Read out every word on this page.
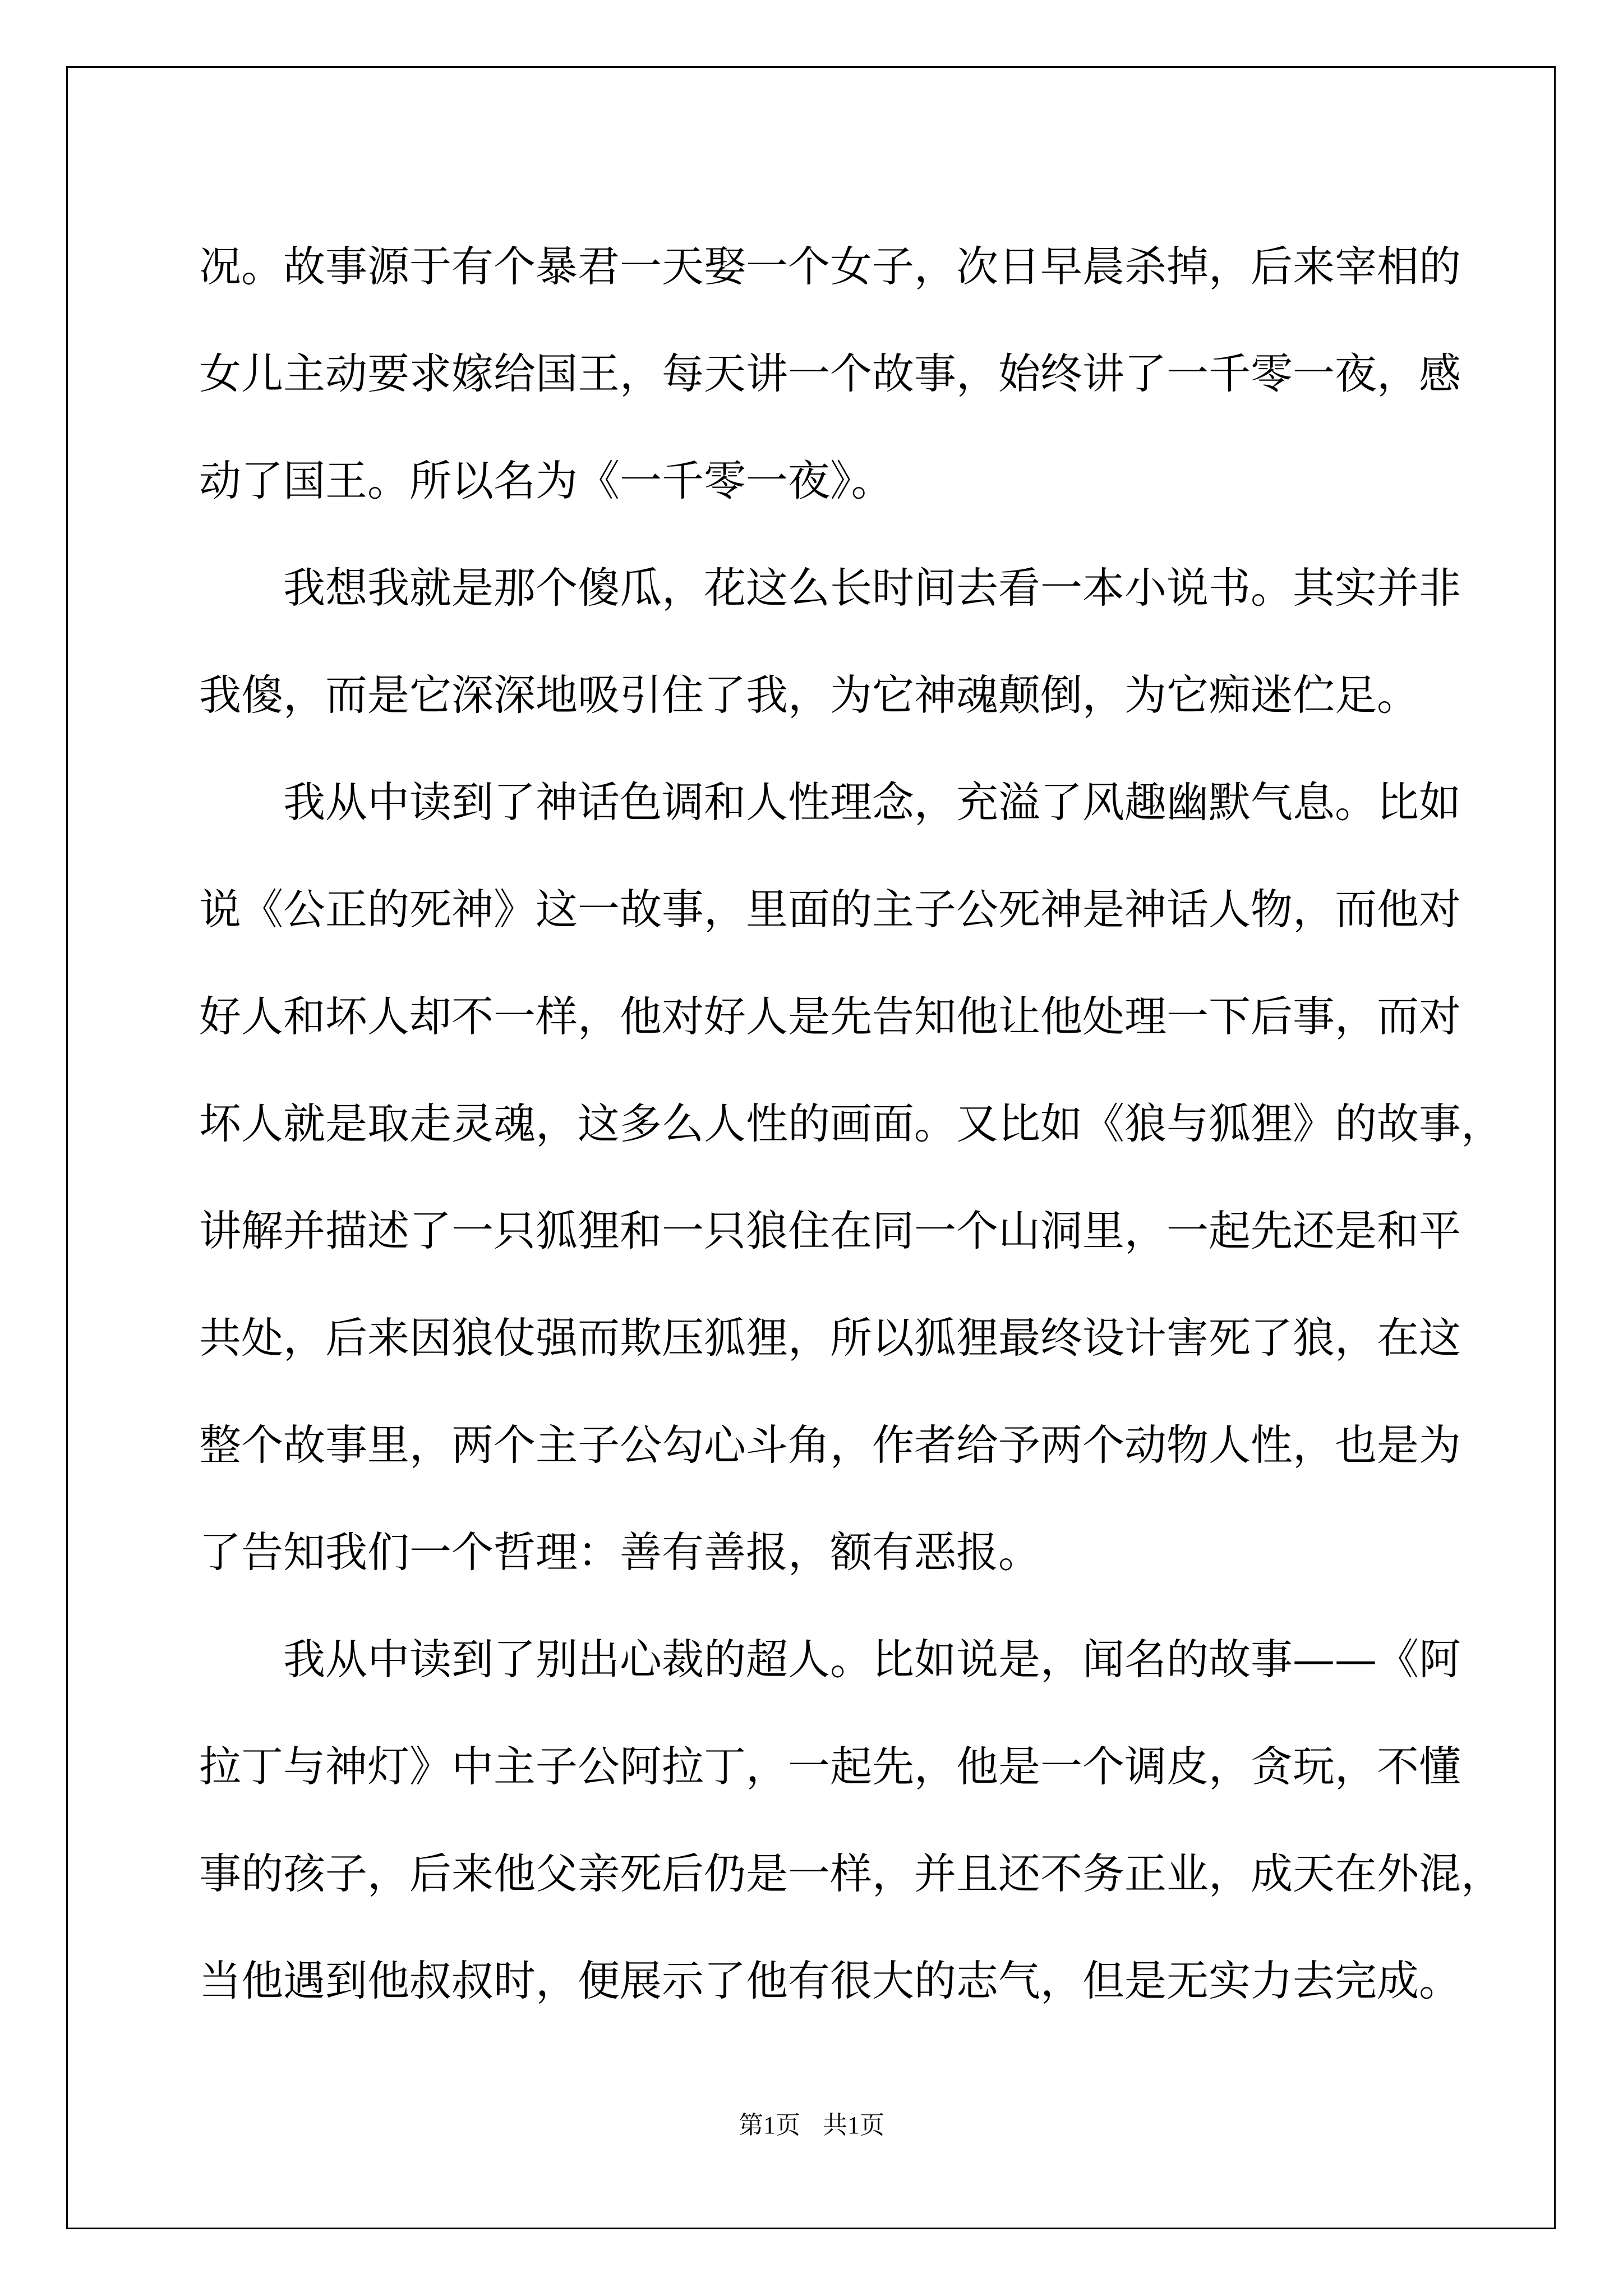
况。故事源于有个暴君一天娶一个女子，次日早晨杀掉，后来宰相的
女儿主动要求嫁给国王，每天讲一个故事，始终讲了一千零一夜，感
动了国王。所以名为《一千零一夜》。
我想我就是那个傻瓜，花这么长时间去看一本小说书。其实并非
我傻，而是它深深地吸引住了我，为它神魂颠倒，为它痴迷伫足。
我从中读到了神话色调和人性理念，充溢了风趣幽默气息。比如
说《公正的死神》这一故事，里面的主子公死神是神话人物，而他对
好人和坏人却不一样，他对好人是先告知他让他处理一下后事，而对
坏人就是取走灵魂，这多么人性的画面。又比如《狼与狐狸》的故事，
讲解并描述了一只狐狸和一只狼住在同一个山洞里，一起先还是和平
共处，后来因狼仗强而欺压狐狸，所以狐狸最终设计害死了狼，在这
整个故事里，两个主子公勾心斗角，作者给予两个动物人性，也是为
了告知我们一个哲理：善有善报，额有恶报。
我从中读到了别出心裁的超人。比如说是，闻名的故事——《阿
拉丁与神灯》中主子公阿拉丁，一起先，他是一个调皮，贪玩，不懂
事的孩子，后来他父亲死后仍是一样，并且还不务正业，成天在外混，
当他遇到他叔叔时，便展示了他有很大的志气，但是无实力去完成。
第1页 共1页
